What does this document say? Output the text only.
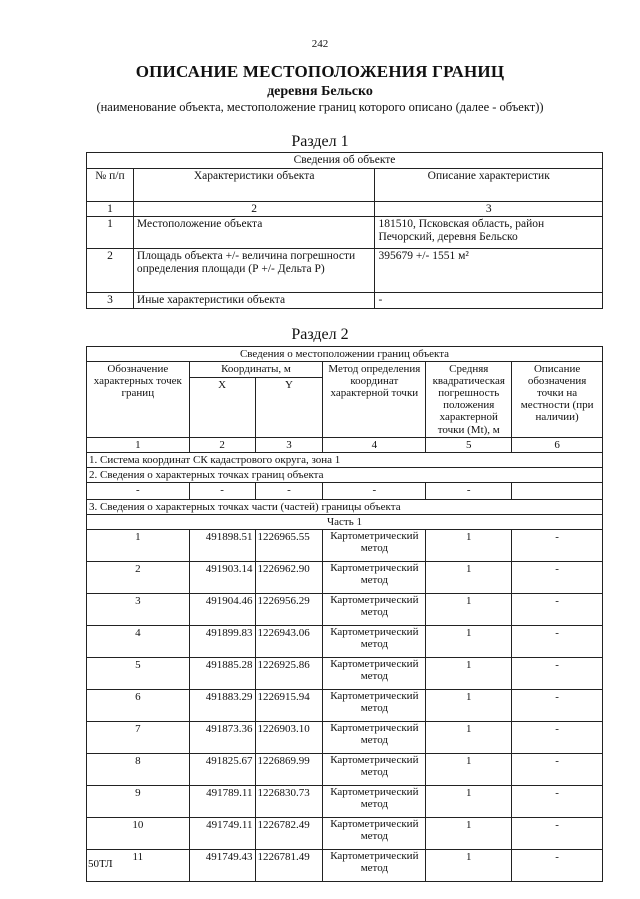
242
ОПИСАНИЕ МЕСТОПОЛОЖЕНИЯ ГРАНИЦ
деревня Бельско
(наименование объекта, местоположение границ которого описано (далее - объект))
Раздел 1
Сведения об объекте		
№ п/п	Характеристики объекта	Описание характеристик
1	2	3
1	Местоположение объекта	181510, Псковская область, район Печорский, деревня Бельско
2	Площадь объекта +/- величина погрешности определения площади (Р +/- Дельта Р)	395679 +/- 1551 м²
3	Иные характеристики объекта	-
Раздел 2
Сведения о местоположении границ объекта					
Обозначение характерных точек границ	Координаты, м		Метод определения координат характерной точки	Средняя квадратическая погрешность положения характерной точки (Mt), м	Описание обозначения точки на местности (при наличии)
	X	Y			
1	2	3	4	5	6
1. Система координат СК кадастрового округа, зона 1					
2. Сведения о характерных точках границ объекта					
-	-	-	-	-	
3. Сведения о характерных точках части (частей) границы объекта					
Часть 1					
1	491898.51	1226965.55	Картометрический метод	1	-
2	491903.14	1226962.90	Картометрический метод	1	-
3	491904.46	1226956.29	Картометрический метод	1	-
4	491899.83	1226943.06	Картометрический метод	1	-
5	491885.28	1226925.86	Картометрический метод	1	-
6	491883.29	1226915.94	Картометрический метод	1	-
7	491873.36	1226903.10	Картометрический метод	1	-
8	491825.67	1226869.99	Картометрический метод	1	-
9	491789.11	1226830.73	Картометрический метод	1	-
10	491749.11	1226782.49	Картометрический метод	1	-
11	491749.43	1226781.49	Картометрический метод	1	-
50ТЛ
